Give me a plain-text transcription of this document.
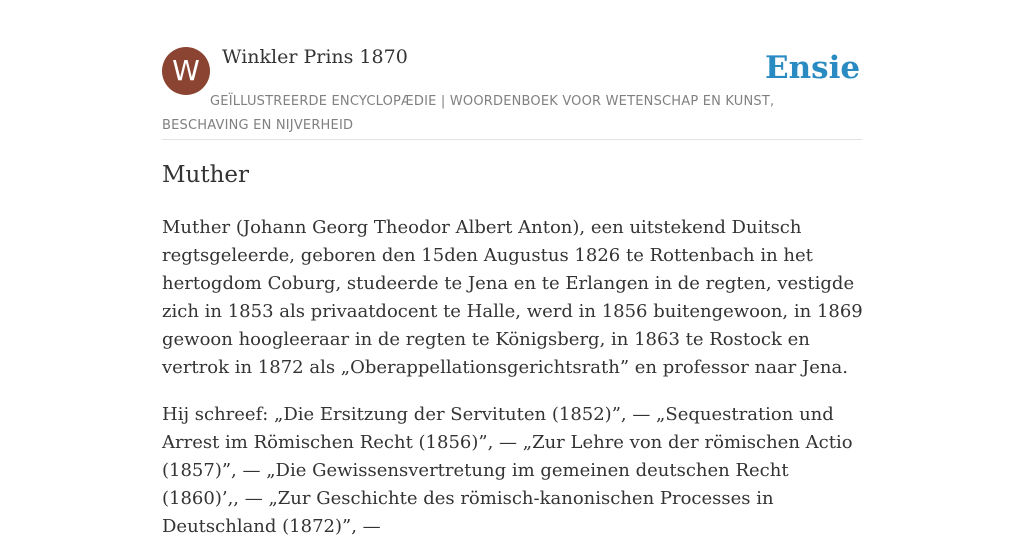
W	Winkler Prins 1870	Ensie
GEÏLLUSTREERDE ENCYCLOPÆDIE | WOORDENBOEK VOOR WETENSCHAP EN KUNST, BESCHAVING EN NIJVERHEID
Muther

Muther (Johann Georg Theodor Albert Anton), een uitstekend Duitsch regtsgeleerde, geboren den 15den Augustus 1826 te Rottenbach in het hertogdom Coburg, studeerde te Jena en te Erlangen in de regten, vestigde zich in 1853 als privaatdocent te Halle, werd in 1856 buitengewoon, in 1869 gewoon hoogleeraar in de regten te Königsberg, in 1863 te Rostock en vertrok in 1872 als „Oberappellationsgerichtsrath” en professor naar Jena.

Hij schreef: „Die Ersitzung der Servituten (1852)”, — „Sequestration und Arrest im Römischen Recht (1856)”, — „Zur Lehre von der römischen Actio (1857)”, — „Die Gewissensvertretung im gemeinen deutschen Recht (1860)’,, — „Zur Geschichte des römisch-kanonischen Processes in Deutschland (1872)”, —
